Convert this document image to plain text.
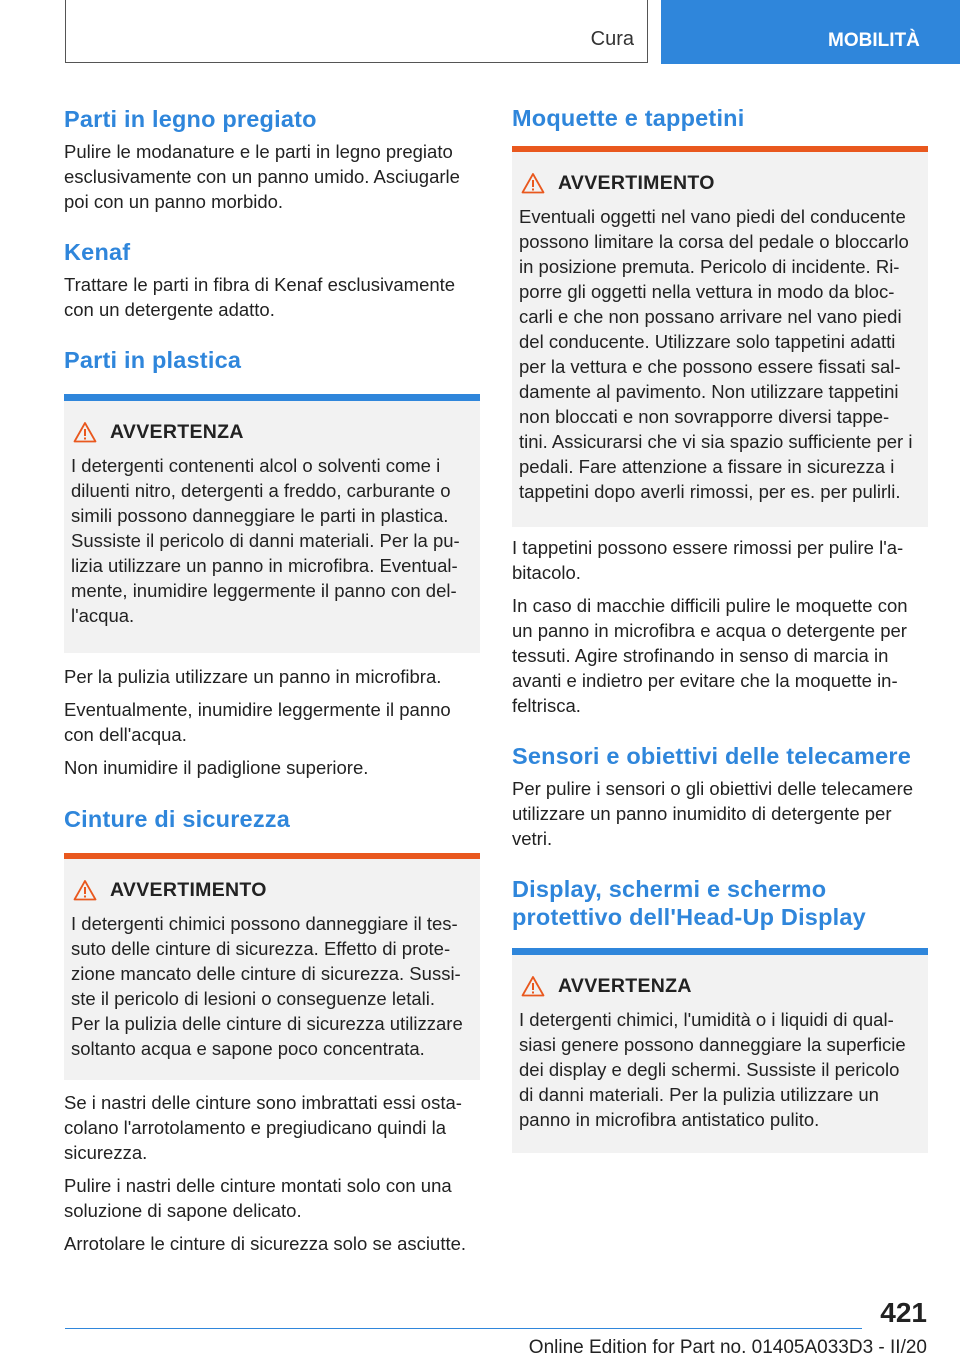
Cura	MOBILITÀ
Parti in legno pregiato
Pulire le modanature e le parti in legno pregiato
esclusivamente con un panno umido. Asciugarle
poi con un panno morbido.
Kenaf
Trattare le parti in fibra di Kenaf esclusivamente
con un detergente adatto.
Parti in plastica
AVVERTENZA
I detergenti contenenti alcol o solventi come i
diluenti nitro, detergenti a freddo, carburante o
simili possono danneggiare le parti in plastica.
Sussiste il pericolo di danni materiali. Per la pu-
lizia utilizzare un panno in microfibra. Eventual-
mente, inumidire leggermente il panno con del-
l'acqua.
Per la pulizia utilizzare un panno in microfibra.
Eventualmente, inumidire leggermente il panno
con dell'acqua.
Non inumidire il padiglione superiore.
Cinture di sicurezza
AVVERTIMENTO
I detergenti chimici possono danneggiare il tes-
suto delle cinture di sicurezza. Effetto di prote-
zione mancato delle cinture di sicurezza. Sussi-
ste il pericolo di lesioni o conseguenze letali.
Per la pulizia delle cinture di sicurezza utilizzare
soltanto acqua e sapone poco concentrata.
Se i nastri delle cinture sono imbrattati essi osta-
colano l'arrotolamento e pregiudicano quindi la
sicurezza.
Pulire i nastri delle cinture montati solo con una
soluzione di sapone delicato.
Arrotolare le cinture di sicurezza solo se asciutte.
Moquette e tappetini
AVVERTIMENTO
Eventuali oggetti nel vano piedi del conducente
possono limitare la corsa del pedale o bloccarlo
in posizione premuta. Pericolo di incidente. Ri-
porre gli oggetti nella vettura in modo da bloc-
carli e che non possano arrivare nel vano piedi
del conducente. Utilizzare solo tappetini adatti
per la vettura e che possono essere fissati sal-
damente al pavimento. Non utilizzare tappetini
non bloccati e non sovrapporre diversi tappe-
tini. Assicurarsi che vi sia spazio sufficiente per i
pedali. Fare attenzione a fissare in sicurezza i
tappetini dopo averli rimossi, per es. per pulirli.
I tappetini possono essere rimossi per pulire l'a-
bitacolo.
In caso di macchie difficili pulire le moquette con
un panno in microfibra e acqua o detergente per
tessuti. Agire strofinando in senso di marcia in
avanti e indietro per evitare che la moquette in-
feltrisca.
Sensori e obiettivi delle telecamere
Per pulire i sensori o gli obiettivi delle telecamere
utilizzare un panno inumidito di detergente per
vetri.
Display, schermi e schermo
protettivo dell'Head-Up Display
AVVERTENZA
I detergenti chimici, l'umidità o i liquidi di qual-
siasi genere possono danneggiare la superficie
dei display e degli schermi. Sussiste il pericolo
di danni materiali. Per la pulizia utilizzare un
panno in microfibra antistatico pulito.
421
Online Edition for Part no. 01405A033D3 - II/20
